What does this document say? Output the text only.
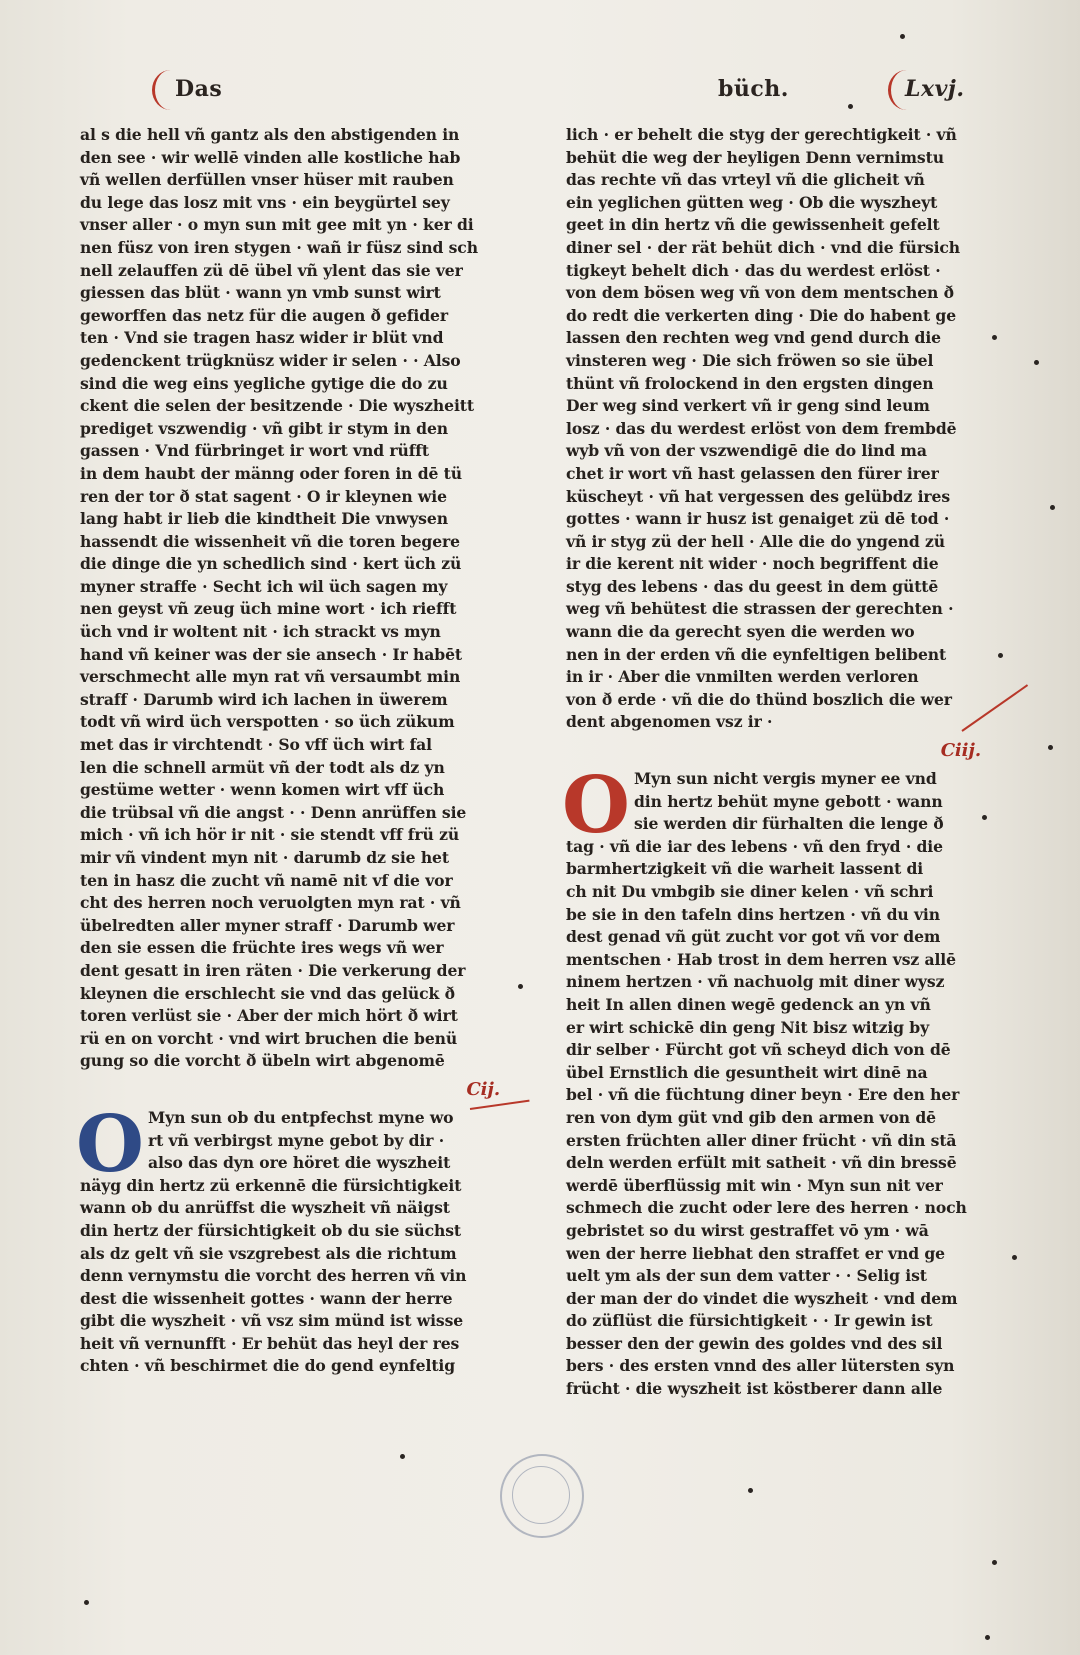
Das	büch.	Lxvj.
al s die hell vñ gantz als den abstigenden in
den see · wir wellē vinden alle kostliche hab
vñ wellen derfüllen vnser hüser mit rauben
du lege das losz mit vns · ein beygürtel sey
vnser aller · o myn sun mit gee mit yn · ker di
nen füsz von iren stygen · wañ ir füsz sind sch
nell zelauffen zü dē übel vñ ylent das sie ver
giessen das blüt · wann yn vmb sunst wirt
geworffen das netz für die augen ð gefider
ten · Vnd sie tragen hasz wider ir blüt vnd
gedenckent trügknüsz wider ir selen · · Also
sind die weg eins yegliche gytige die do zu
ckent die selen der besitzende · Die wyszheitt
prediget vszwendig · vñ gibt ir stym in den
gassen · Vnd fürbringet ir wort vnd rüfft
in dem haubt der männg oder foren in dē tü
ren der tor ð stat sagent · O ir kleynen wie
lang habt ir lieb die kindtheit Die vnwysen
hassendt die wissenheit vñ die toren begere
die dinge die yn schedlich sind · kert üch zü
myner straffe · Secht ich wil üch sagen my
nen geyst vñ zeug üch mine wort · ich riefft
üch vnd ir woltent nit · ich strackt vs myn
hand vñ keiner was der sie ansech · Ir habēt
verschmecht alle myn rat vñ versaumbt min
straff · Darumb wird ich lachen in üwerem
todt vñ wird üch verspotten · so üch zükum
met das ir virchtendt · So vff üch wirt fal
len die schnell armüt vñ der todt als dz yn
gestüme wetter · wenn komen wirt vff üch
die trübsal vñ die angst · · Denn anrüffen sie
mich · vñ ich hör ir nit · sie stendt vff frü zü
mir vñ vindent myn nit · darumb dz sie het
ten in hasz die zucht vñ namē nit vf die vor
cht des herren noch veruolgten myn rat · vñ
übelredten aller myner straff · Darumb wer
den sie essen die früchte ires wegs vñ wer
dent gesatt in iren räten · Die verkerung der
kleynen die erschlecht sie vnd das gelück ð
toren verlüst sie · Aber der mich hört ð wirt
rü en on vorcht · vnd wirt bruchen die benü
gung so die vorcht ð übeln wirt abgenomē
Cij.
O Myn sun ob du entpfechst myne wo
rt vñ verbirgst myne gebot by dir ·
also das dyn ore höret die wyszheit
näyg din hertz zü erkennē die fürsichtigkeit
wann ob du anrüffst die wyszheit vñ näigst
din hertz der fürsichtigkeit ob du sie süchst
als dz gelt vñ sie vszgrebest als die richtum
denn vernymstu die vorcht des herren vñ vin
dest die wissenheit gottes · wann der herre
gibt die wyszheit · vñ vsz sim münd ist wisse
heit vñ vernunfft · Er behüt das heyl der res
chten · vñ beschirmet die do gend eynfeltig
lich · er behelt die styg der gerechtigkeit · vñ
behüt die weg der heyligen Denn vernimstu
das rechte vñ das vrteyl vñ die glicheit vñ
ein yeglichen gütten weg · Ob die wyszheyt
geet in din hertz vñ die gewissenheit gefelt
diner sel · der rät behüt dich · vnd die fürsich
tigkeyt behelt dich · das du werdest erlöst ·
von dem bösen weg vñ von dem mentschen ð
do redt die verkerten ding · Die do habent ge
lassen den rechten weg vnd gend durch die
vinsteren weg · Die sich fröwen so sie übel
thünt vñ frolockend in den ergsten dingen
Der weg sind verkert vñ ir geng sind leum
losz · das du werdest erlöst von dem frembdē
wyb vñ von der vszwendigē die do lind ma
chet ir wort vñ hast gelassen den fürer irer
küscheyt · vñ hat vergessen des gelübdz ires
gottes · wann ir husz ist genaiget zü dē tod ·
vñ ir styg zü der hell · Alle die do yngend zü
ir die kerent nit wider · noch begriffent die
styg des lebens · das du geest in dem güttē
weg vñ behütest die strassen der gerechten ·
wann die da gerecht syen die werden wo
nen in der erden vñ die eynfeltigen belibent
in ir · Aber die vnmilten werden verloren
von ð erde · vñ die do thünd boszlich die wer
dent abgenomen vsz ir ·
Ciij.
O Myn sun nicht vergis myner ee vnd
din hertz behüt myne gebott · wann
sie werden dir fürhalten die lenge ð
tag · vñ die iar des lebens · vñ den fryd · die
barmhertzigkeit vñ die warheit lassent di
ch nit Du vmbgib sie diner kelen · vñ schri
be sie in den tafeln dins hertzen · vñ du vin
dest genad vñ güt zucht vor got vñ vor dem
mentschen · Hab trost in dem herren vsz allē
ninem hertzen · vñ nachuolg mit diner wysz
heit In allen dinen wegē gedenck an yn vñ
er wirt schickē din geng Nit bisz witzig by
dir selber · Fürcht got vñ scheyd dich von dē
übel Ernstlich die gesuntheit wirt dinē na
bel · vñ die füchtung diner beyn · Ere den her
ren von dym güt vnd gib den armen von dē
ersten früchten aller diner frücht · vñ din stā
deln werden erfült mit satheit · vñ din bressē
werdē überflüssig mit win · Myn sun nit ver
schmech die zucht oder lere des herren · noch
gebristet so du wirst gestraffet vō ym · wā
wen der herre liebhat den straffet er vnd ge
uelt ym als der sun dem vatter · · Selig ist
der man der do vindet die wyszheit · vnd dem
do züflüst die fürsichtigkeit · · Ir gewin ist
besser den der gewin des goldes vnd des sil
bers · des ersten vnnd des aller lütersten syn
frücht · die wyszheit ist köstberer dann alle
